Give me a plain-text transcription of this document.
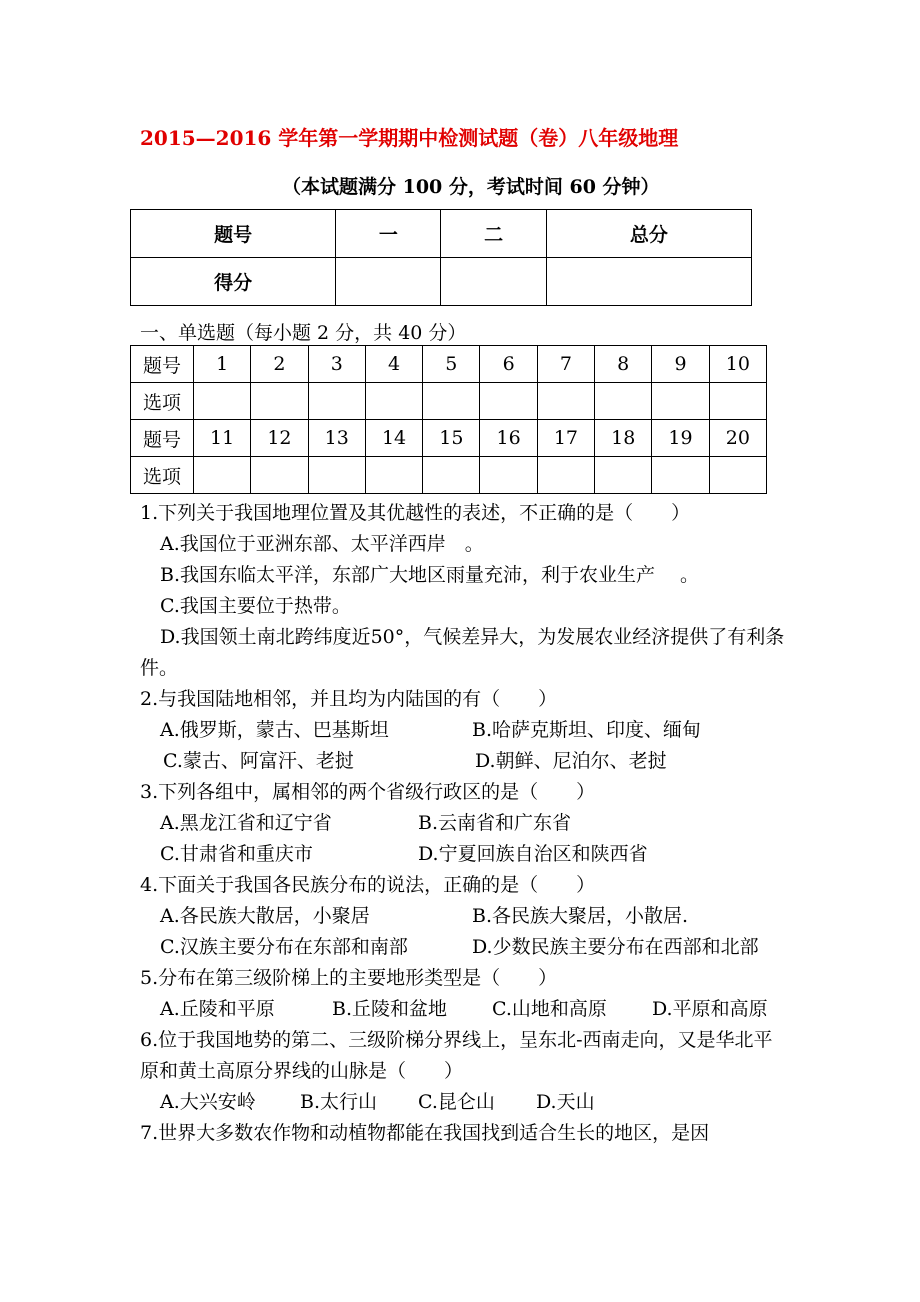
2015—2016 学年第一学期期中检测试题（卷）八年级地理
（本试题满分 100 分，考试时间 60 分钟）
题号	一	二	总分
得分			
一、单选题（每小题 2 分，共 40 分）
题号	1	2	3	4	5	6	7	8	9	10
选项										
题号	11	12	13	14	15	16	17	18	19	20
选项										
1.下列关于我国地理位置及其优越性的表述，不正确的是（　　）
A.我国位于亚洲东部、太平洋西岸　。
B.我国东临太平洋，东部广大地区雨量充沛，利于农业生产　 。
C.我国主要位于热带。
D.我国领土南北跨纬度近50°，气候差异大，为发展农业经济提供了有利条件。
2.与我国陆地相邻，并且均为内陆国的有（　　）
A.俄罗斯，蒙古、巴基斯坦	B.哈萨克斯坦、印度、缅甸
C.蒙古、阿富汗、老挝	D.朝鲜、尼泊尔、老挝
3.下列各组中，属相邻的两个省级行政区的是（　　）
A.黑龙江省和辽宁省	B.云南省和广东省
C.甘肃省和重庆市	D.宁夏回族自治区和陕西省
4.下面关于我国各民族分布的说法，正确的是（　　）
A.各民族大散居，小聚居	B.各民族大聚居，小散居.
C.汉族主要分布在东部和南部	D.少数民族主要分布在西部和北部
5.分布在第三级阶梯上的主要地形类型是（　　）
A.丘陵和平原	B.丘陵和盆地 C.山地和高原 D.平原和高原
6.位于我国地势的第二、三级阶梯分界线上，呈东北-西南走向，又是华北平原和黄土高原分界线的山脉是（　　）
A.大兴安岭 B.太行山 C.昆仑山 D.天山
7.世界大多数农作物和动植物都能在我国找到适合生长的地区，是因
